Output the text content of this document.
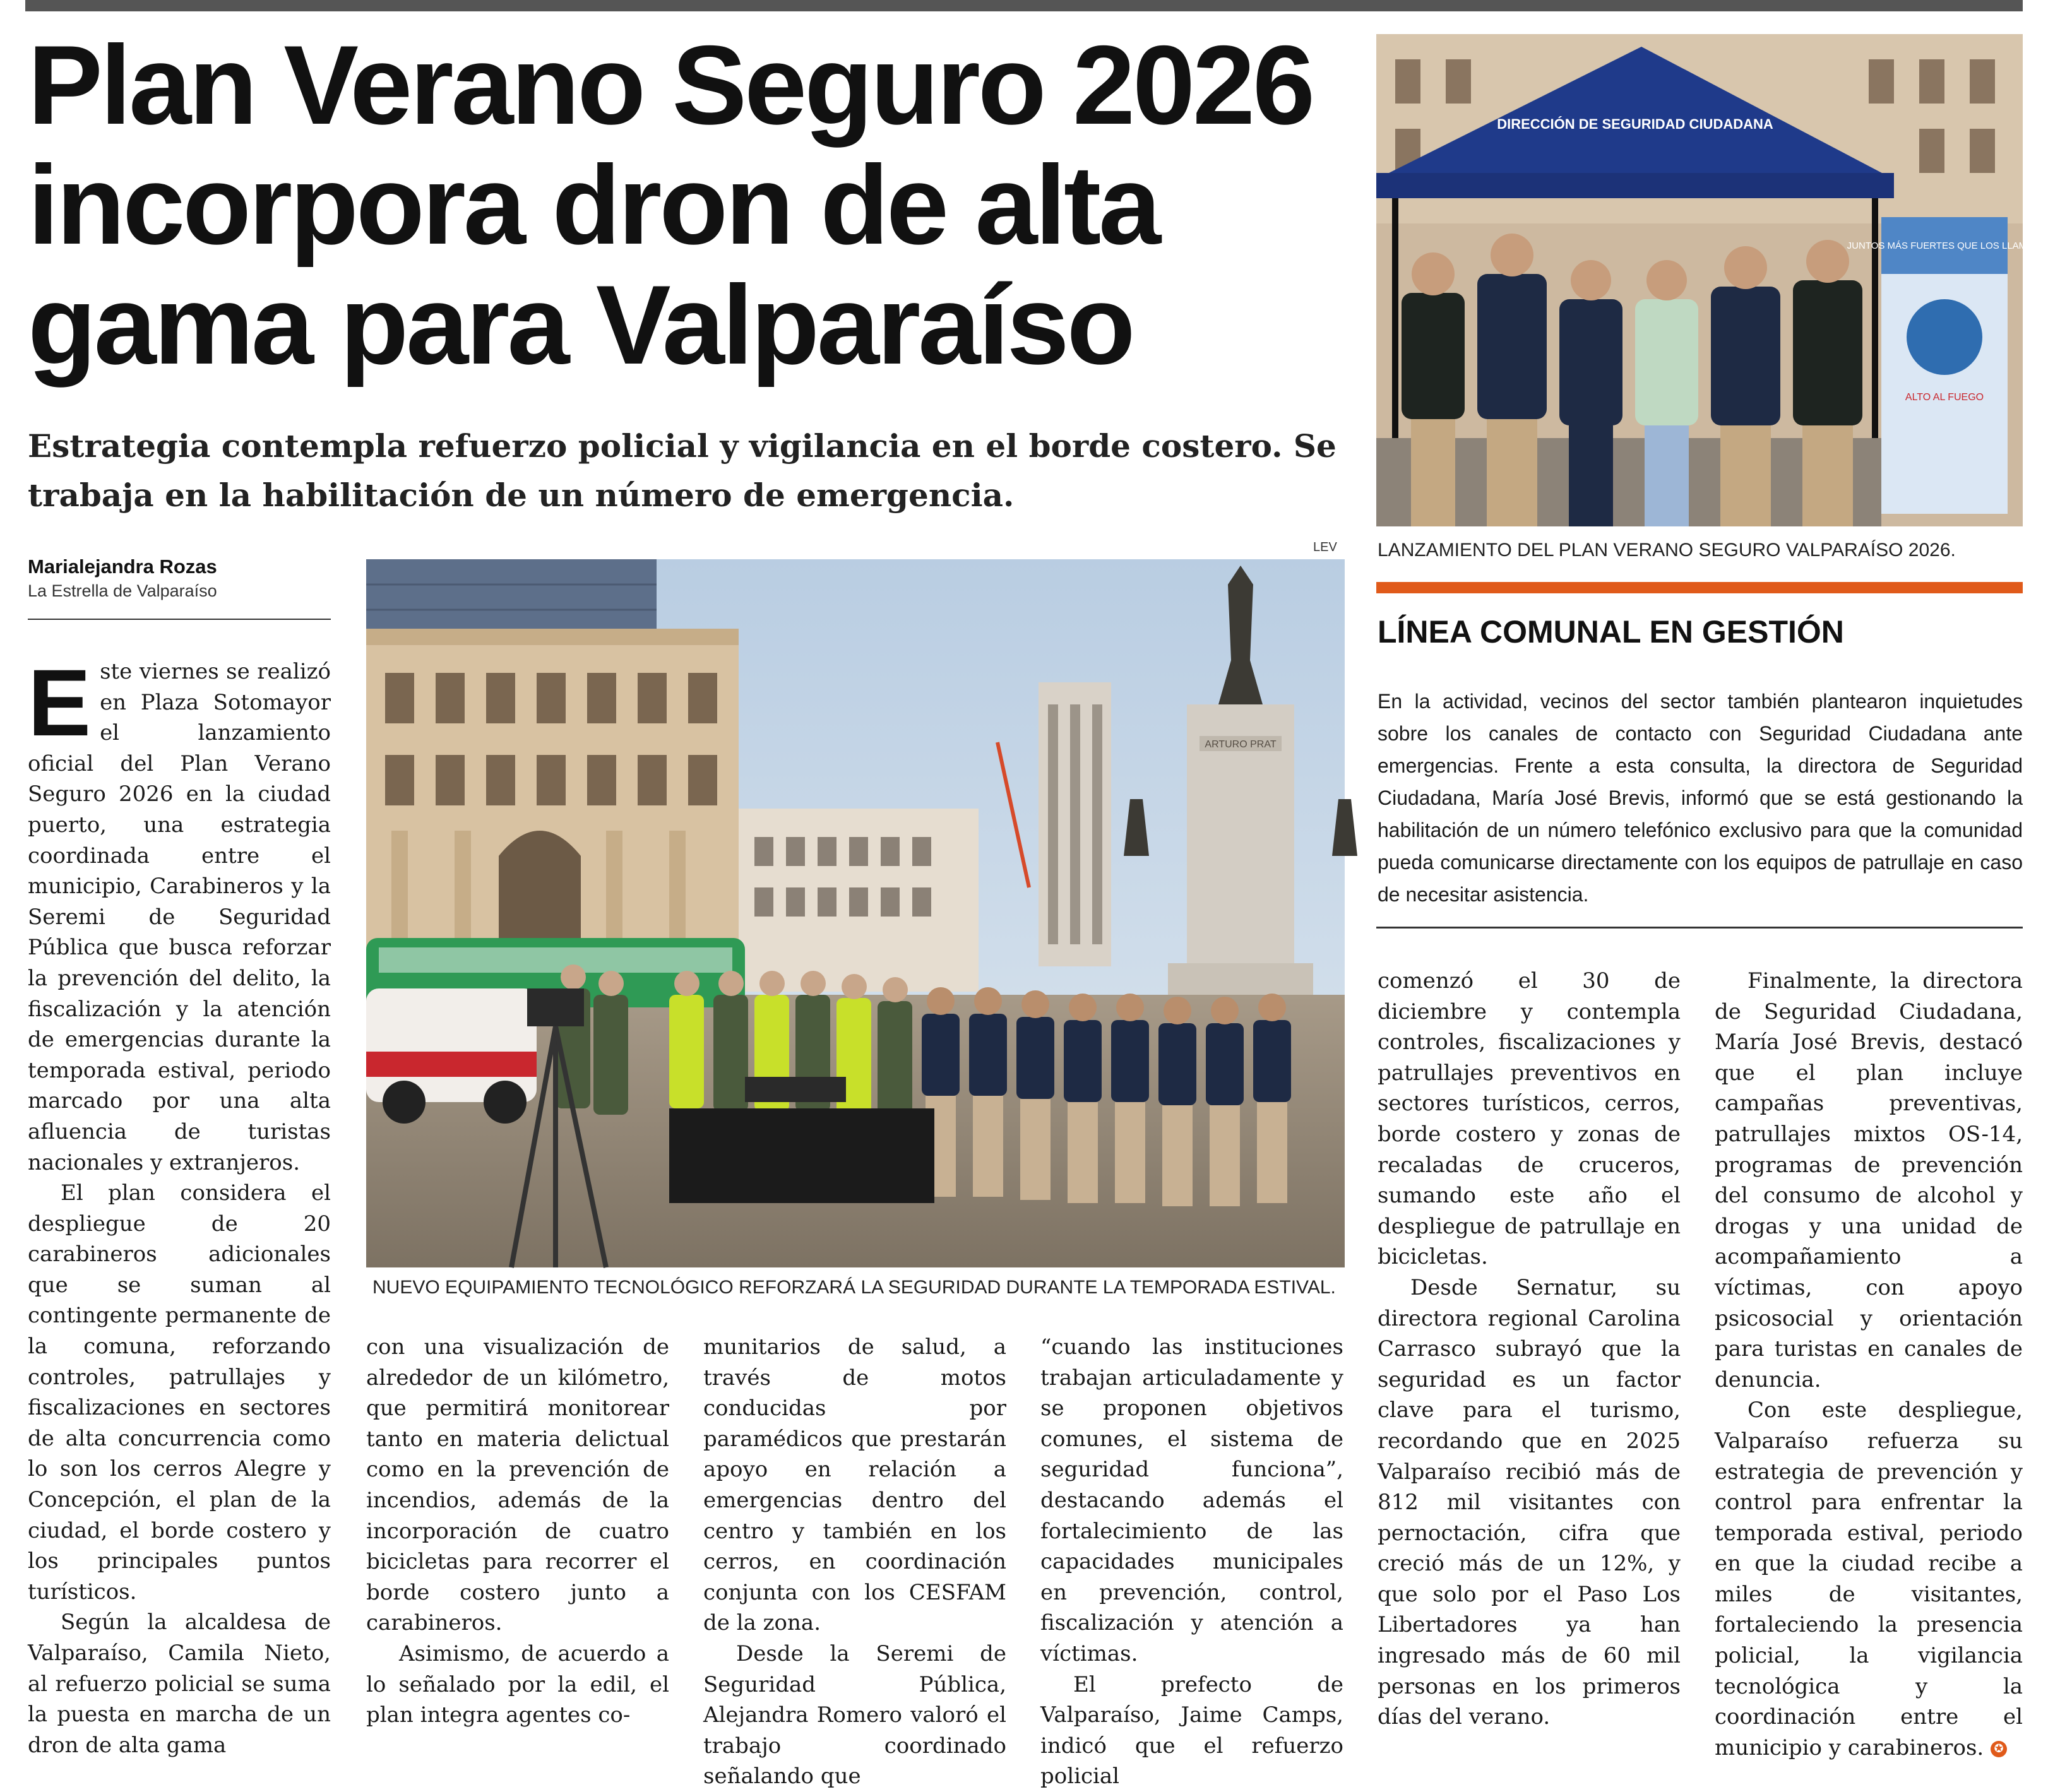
Plan Verano Seguro 2026 incorpora dron de alta gama para Valparaíso
Estrategia contempla refuerzo policial y vigilancia en el borde costero. Se trabaja en la habilitación de un número de emergencia.
Marialejandra Rozas
La Estrella de Valparaíso
LEV
ARTURO PRAT
NUEVO EQUIPAMIENTO TECNOLÓGICO REFORZARÁ LA SEGURIDAD DURANTE LA TEMPORADA ESTIVAL.
DIRECCIÓN DE SEGURIDAD CIUDADANA
JUNTOS MÁS FUERTES QUE LOS LLAMAS!
ALTO AL FUEGO
LANZAMIENTO DEL PLAN VERANO SEGURO VALPARAÍSO 2026.
LÍNEA COMUNAL EN GESTIÓN

En la actividad, vecinos del sector también plantearon inquietudes sobre los canales de contacto con Seguridad Ciudadana ante emergencias. Frente a esta consulta, la directora de Seguridad Ciudadana, María José Brevis, informó que se está gestionando la habilitación de un número telefónico exclusivo para que la comunidad pueda comunicarse directamente con los equipos de patrullaje en caso de necesitar asistencia.

Este viernes se realizó en Plaza Sotomayor el lanzamiento oficial del Plan Verano Seguro 2026 en la ciudad puerto, una estrategia coordinada entre el municipio, Carabineros y la Seremi de Seguridad Pública que busca reforzar la prevención del delito, la fiscalización y la atención de emergencias durante la temporada estival, periodo marcado por una alta afluencia de turistas nacionales y extranjeros.

El plan considera el despliegue de 20 carabineros adicionales que se suman al contingente permanente de la comuna, reforzando controles, patrullajes y fiscalizaciones en sectores de alta concurrencia como lo son los cerros Alegre y Concepción, el plan de la ciudad, el borde costero y los principales puntos turísticos.

Según la alcaldesa de Valparaíso, Camila Nieto, al refuerzo policial se suma la puesta en marcha de un dron de alta gama

con una visualización de alrededor de un kilómetro, que permitirá monitorear tanto en materia delictual como en la prevención de incendios, además de la incorporación de cuatro bicicletas para recorrer el borde costero junto a carabineros.

Asimismo, de acuerdo a lo señalado por la edil, el plan integra agentes co-

munitarios de salud, a través de motos conducidas por paramédicos que prestarán apoyo en relación a emergencias dentro del centro y también en los cerros, en coordinación conjunta con los CESFAM de la zona.

Desde la Seremi de Seguridad Pública, Alejandra Romero valoró el trabajo coordinado señalando que

“cuando las instituciones trabajan articuladamente y se proponen objetivos comunes, el sistema de seguridad funciona”, destacando además el fortalecimiento de las capacidades municipales en prevención, control, fiscalización y atención a víctimas.

El prefecto de Valparaíso, Jaime Camps, indicó que el refuerzo policial

comenzó el 30 de diciembre y contempla controles, fiscalizaciones y patrullajes preventivos en sectores turísticos, cerros, borde costero y zonas de recaladas de cruceros, sumando este año el despliegue de patrullaje en bicicletas.

Desde Sernatur, su directora regional Carolina Carrasco subrayó que la seguridad es un factor clave para el turismo, recordando que en 2025 Valparaíso recibió más de 812 mil visitantes con pernoctación, cifra que creció más de un 12%, y que solo por el Paso Los Libertadores ya han ingresado más de 60 mil personas en los primeros días del verano.

Finalmente, la directora de Seguridad Ciudadana, María José Brevis, destacó que el plan incluye campañas preventivas, patrullajes mixtos OS-14, programas de prevención del consumo de alcohol y drogas y una unidad de acompañamiento a víctimas, con apoyo psicosocial y orientación para turistas en canales de denuncia.

Con este despliegue, Valparaíso refuerza su estrategia de prevención y control para enfrentar la temporada estival, periodo en que la ciudad recibe a miles de visitantes, fortaleciendo la presencia policial, la vigilancia tecnológica y la coordinación entre el municipio y carabineros. ✪
